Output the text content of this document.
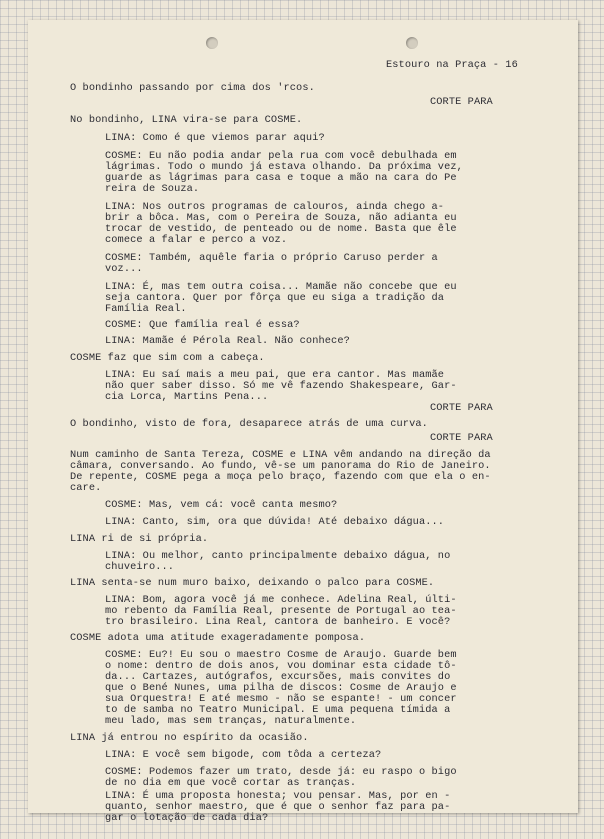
Estouro na Praça - 16
O bondinho passando por cima dos 'rcos.
CORTE PARA
No bondinho, LINA vira-se para COSME.
LINA: Como é que viemos parar aqui?
COSME: Eu não podia andar pela rua com você debulhada em
lágrimas. Todo o mundo já estava olhando. Da próxima vez,
guarde as lágrimas para casa e toque a mão na cara do Pe
reira de Souza.
LINA: Nos outros programas de calouros, ainda chego a-
brir a bôca. Mas, com o Pereira de Souza, não adianta eu
trocar de vestido, de penteado ou de nome. Basta que êle
comece a falar e perco a voz.
COSME: Também, aquêle faria o próprio Caruso perder a
voz...
LINA: É, mas tem outra coisa... Mamãe não concebe que eu
seja cantora. Quer por fôrça que eu siga a tradição da
Família Real.
COSME: Que família real é essa?
LINA: Mamãe é Pérola Real. Não conhece?
COSME faz que sim com a cabeça.
LINA: Eu saí mais a meu pai, que era cantor. Mas mamãe
não quer saber disso. Só me vê fazendo Shakespeare, Gar-
cia Lorca, Martins Pena...
CORTE PARA
O bondinho, visto de fora, desaparece atrás de uma curva.
CORTE PARA
Num caminho de Santa Tereza, COSME e LINA vêm andando na direção da
câmara, conversando. Ao fundo, vê-se um panorama do Rio de Janeiro.
De repente, COSME pega a moça pelo braço, fazendo com que ela o en-
care.
COSME: Mas, vem cá: você canta mesmo?
LINA: Canto, sim, ora que dúvida! Até debaixo dágua...
LINA ri de si própria.
LINA: Ou melhor, canto principalmente debaixo dágua, no
chuveiro...
LINA senta-se num muro baixo, deixando o palco para COSME.
LINA: Bom, agora você já me conhece. Adelina Real, últi-
mo rebento da Família Real, presente de Portugal ao tea-
tro brasileiro. Lina Real, cantora de banheiro. E você?
COSME adota uma atitude exageradamente pomposa.
COSME: Eu?! Eu sou o maestro Cosme de Araujo. Guarde bem
o nome: dentro de dois anos, vou dominar esta cidade tô-
da... Cartazes, autógrafos, excursões, mais convites do
que o Bené Nunes, uma pilha de discos: Cosme de Araujo e
sua Orquestra! E até mesmo - não se espante! - um concer
to de samba no Teatro Municipal. E uma pequena tímida a
meu lado, mas sem tranças, naturalmente.
LINA já entrou no espírito da ocasião.
LINA: E você sem bigode, com tôda a certeza?
COSME: Podemos fazer um trato, desde já: eu raspo o bigo
de no dia em que você cortar as tranças.
LINA: É uma proposta honesta; vou pensar. Mas, por en -
quanto, senhor maestro, que é que o senhor faz para pa-
gar o lotação de cada dia?
